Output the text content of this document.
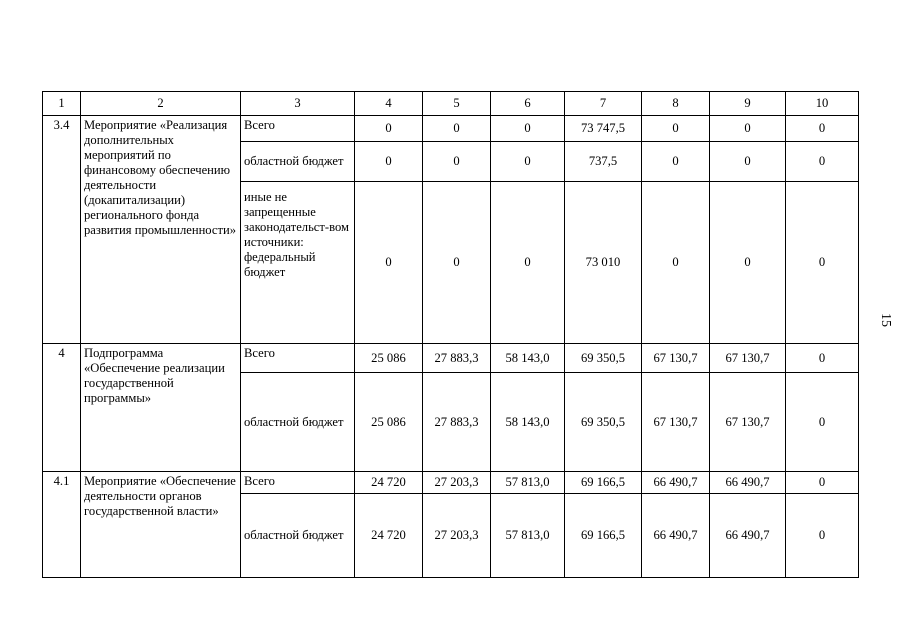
1	2	3	4	5	6	7	8	9	10
3.4	Мероприятие «Реализация дополнительных мероприятий по финансовому обеспечению деятельности (докапитализации) регионального фонда развития промышленности»	Всего	0	0	0	73 747,5	0	0	0
		областной бюджет	0	0	0	737,5	0	0	0
		иные не запрещенные законодательст-вом источники: федеральный бюджет	0	0	0	73 010	0	0	0
4	Подпрограмма «Обеспечение реализации государственной программы»	Всего	25 086	27 883,3	58 143,0	69 350,5	67 130,7	67 130,7	0
		областной бюджет	25 086	27 883,3	58 143,0	69 350,5	67 130,7	67 130,7	0
4.1	Мероприятие «Обеспечение деятельности органов государственной власти»	Всего	24 720	27 203,3	57 813,0	69 166,5	66 490,7	66 490,7	0
		областной бюджет	24 720	27 203,3	57 813,0	69 166,5	66 490,7	66 490,7	0
15
